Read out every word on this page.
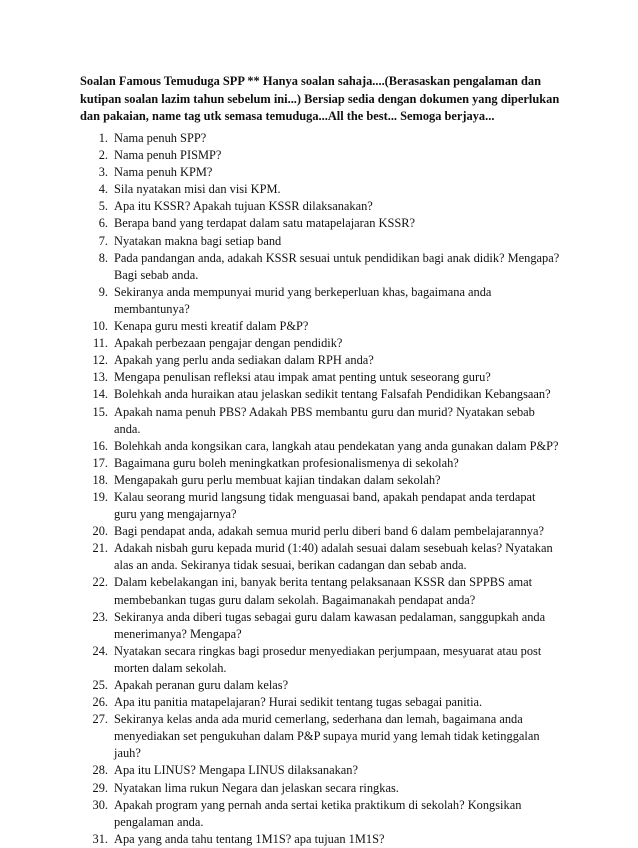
Soalan Famous Temuduga SPP ** Hanya soalan sahaja....(Berasaskan pengalaman dan
kutipan soalan lazim tahun sebelum ini...) Bersiap sedia dengan dokumen yang diperlukan
dan pakaian, name tag utk semasa temuduga...All the best... Semoga berjaya...
1. Nama penuh SPP?
2. Nama penuh PISMP?
3. Nama penuh KPM?
4. Sila nyatakan misi dan visi KPM.
5. Apa itu KSSR? Apakah tujuan KSSR dilaksanakan?
6. Berapa band yang terdapat dalam satu matapelajaran KSSR?
7. Nyatakan makna bagi setiap band
8. Pada pandangan anda, adakah KSSR sesuai untuk pendidikan bagi anak didik? Mengapa?
Bagi sebab anda.
9. Sekiranya anda mempunyai murid yang berkeperluan khas, bagaimana anda
membantunya?
10. Kenapa guru mesti kreatif dalam P&P?
11. Apakah perbezaan pengajar dengan pendidik?
12. Apakah yang perlu anda sediakan dalam RPH anda?
13. Mengapa penulisan refleksi atau impak amat penting untuk seseorang guru?
14. Bolehkah anda huraikan atau jelaskan sedikit tentang Falsafah Pendidikan Kebangsaan?
15. Apakah nama penuh PBS? Adakah PBS membantu guru dan murid? Nyatakan sebab
anda.
16. Bolehkah anda kongsikan cara, langkah atau pendekatan yang anda gunakan dalam P&P?
17. Bagaimana guru boleh meningkatkan profesionalismenya di sekolah?
18. Mengapakah guru perlu membuat kajian tindakan dalam sekolah?
19. Kalau seorang murid langsung tidak menguasai band, apakah pendapat anda terdapat
guru yang mengajarnya?
20. Bagi pendapat anda, adakah semua murid perlu diberi band 6 dalam pembelajarannya?
21. Adakah nisbah guru kepada murid (1:40) adalah sesuai dalam sesebuah kelas? Nyatakan
alas an anda. Sekiranya tidak sesuai, berikan cadangan dan sebab anda.
22. Dalam kebelakangan ini, banyak berita tentang pelaksanaan KSSR dan SPPBS amat
membebankan tugas guru dalam sekolah. Bagaimanakah pendapat anda?
23. Sekiranya anda diberi tugas sebagai guru dalam kawasan pedalaman, sanggupkah anda
menerimanya? Mengapa?
24. Nyatakan secara ringkas bagi prosedur menyediakan perjumpaan, mesyuarat atau post
morten dalam sekolah.
25. Apakah peranan guru dalam kelas?
26. Apa itu panitia matapelajaran? Hurai sedikit tentang tugas sebagai panitia.
27. Sekiranya kelas anda ada murid cemerlang, sederhana dan lemah, bagaimana anda
menyediakan set pengukuhan dalam P&P supaya murid yang lemah tidak ketinggalan
jauh?
28. Apa itu LINUS? Mengapa LINUS dilaksanakan?
29. Nyatakan lima rukun Negara dan jelaskan secara ringkas.
30. Apakah program yang pernah anda sertai ketika praktikum di sekolah? Kongsikan
pengalaman anda.
31. Apa yang anda tahu tentang 1M1S? apa tujuan 1M1S?
